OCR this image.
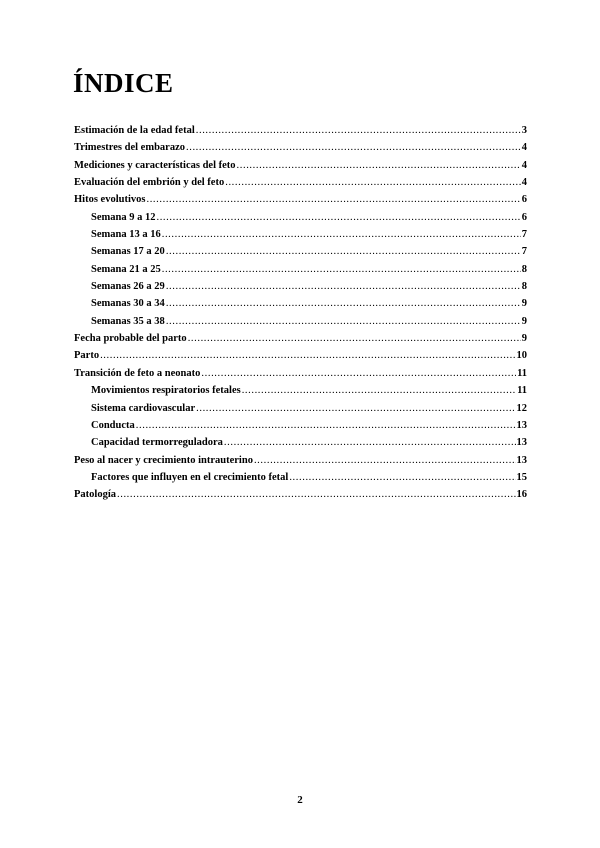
ÍNDICE
Estimación de la edad fetal .....	3
Trimestres del embarazo .....	4
Mediciones y características del feto .....	4
Evaluación del embrión y del feto .....	4
Hitos evolutivos .....	6
Semana 9 a 12 .....	6
Semana 13 a 16 .....	7
Semanas 17 a 20 .....	7
Semana 21 a 25 .....	8
Semanas 26 a 29 .....	8
Semanas 30 a 34 .....	9
Semanas 35 a 38 .....	9
Fecha probable del parto .....	9
Parto .....	10
Transición de feto a neonato .....	11
Movimientos respiratorios fetales .....	11
Sistema cardiovascular .....	12
Conducta .....	13
Capacidad termorreguladora .....	13
Peso al nacer y crecimiento intrauterino .....	13
Factores que influyen en el crecimiento fetal .....	15
Patología .....	16
2
